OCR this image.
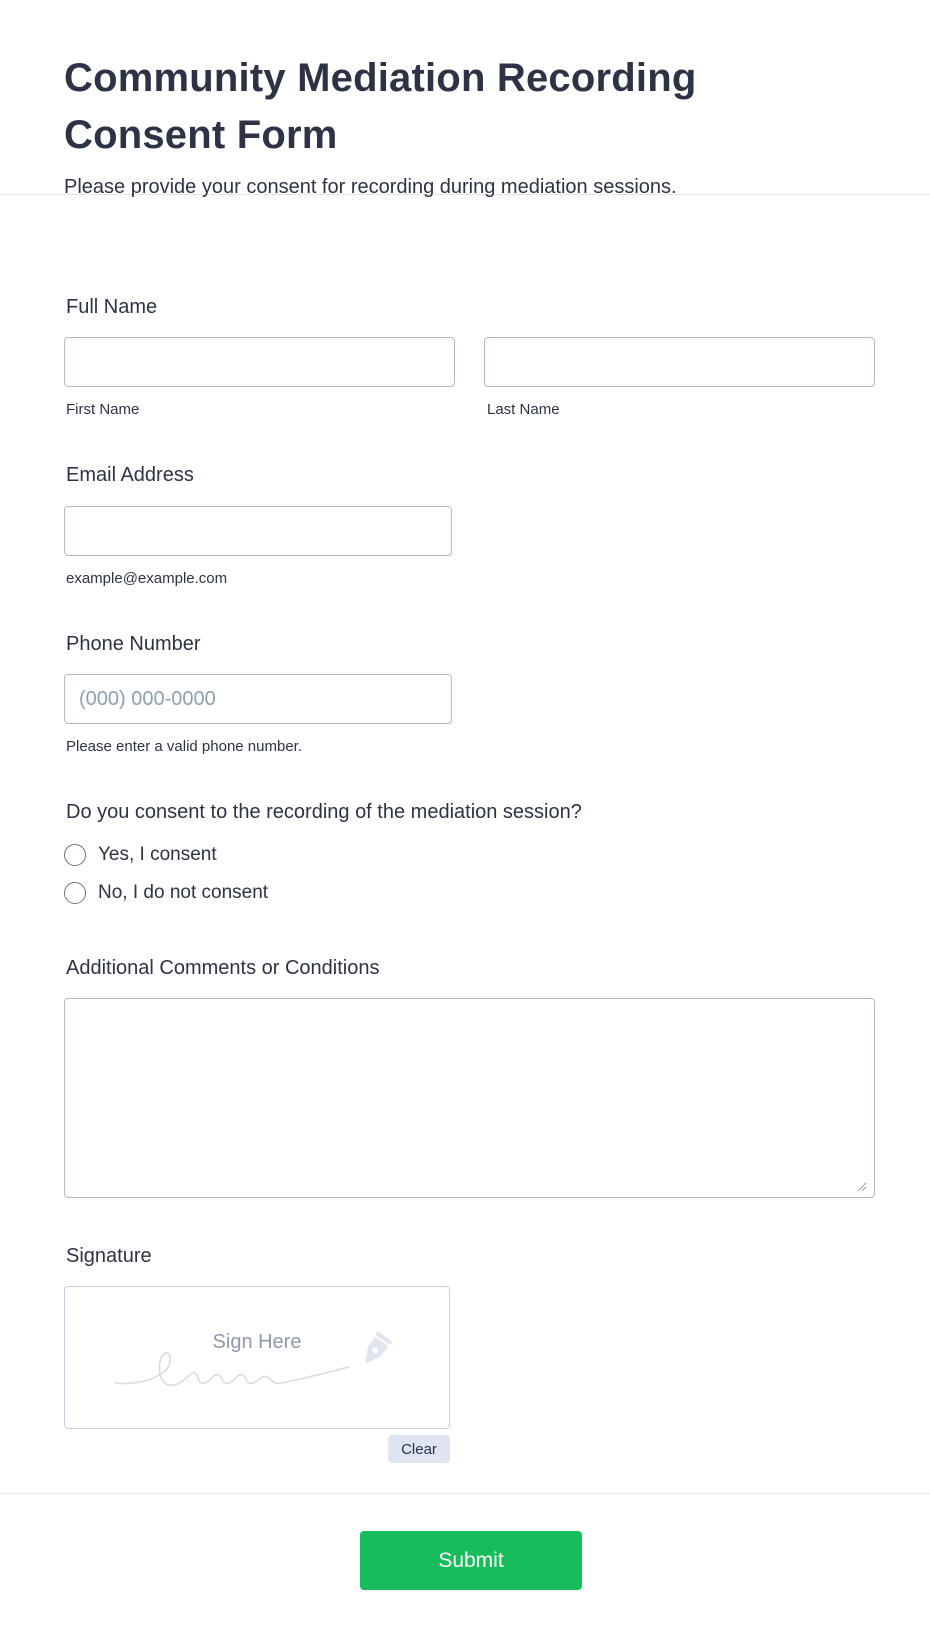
Community Mediation Recording Consent Form
Please provide your consent for recording during mediation sessions.
Full Name
First Name	Last Name
Email Address
example@example.com
Phone Number
(000) 000-0000
Please enter a valid phone number.
Do you consent to the recording of the mediation session?
Yes, I consent
No, I do not consent
Additional Comments or Conditions
Signature
Sign Here
Clear
Submit
